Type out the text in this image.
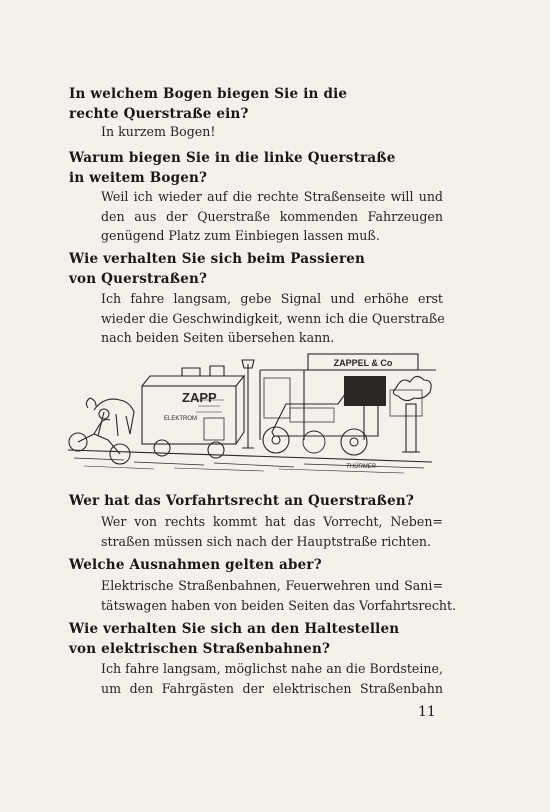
In welchem Bogen biegen Sie in die
rechte Querstraße ein?
In kurzem Bogen!
Warum biegen Sie in die linke Querstraße
in weitem Bogen?
Weil ich wieder auf die rechte Straßenseite will und
den aus der Querstraße kommenden Fahrzeugen
genügend Platz zum Einbiegen lassen muß.
Wie verhalten Sie sich beim Passieren
von Querstraßen?
Ich fahre langsam, gebe Signal und erhöhe erst
wieder die Geschwindigkeit, wenn ich die Querstraße
nach beiden Seiten übersehen kann.
ZAPPEL & Co
ZAPP
ELEKTROM
THÜRMER
Wer hat das Vorfahrtsrecht an Querstraßen?
Wer von rechts kommt hat das Vorrecht, Neben=
straßen müssen sich nach der Hauptstraße richten.
Welche Ausnahmen gelten aber?
Elektrische Straßenbahnen, Feuerwehren und Sani=
tätswagen haben von beiden Seiten das Vorfahrtsrecht.
Wie verhalten Sie sich an den Haltestellen
von elektrischen Straßenbahnen?
Ich fahre langsam, möglichst nahe an die Bordsteine,
um den Fahrgästen der elektrischen Straßenbahn
11
